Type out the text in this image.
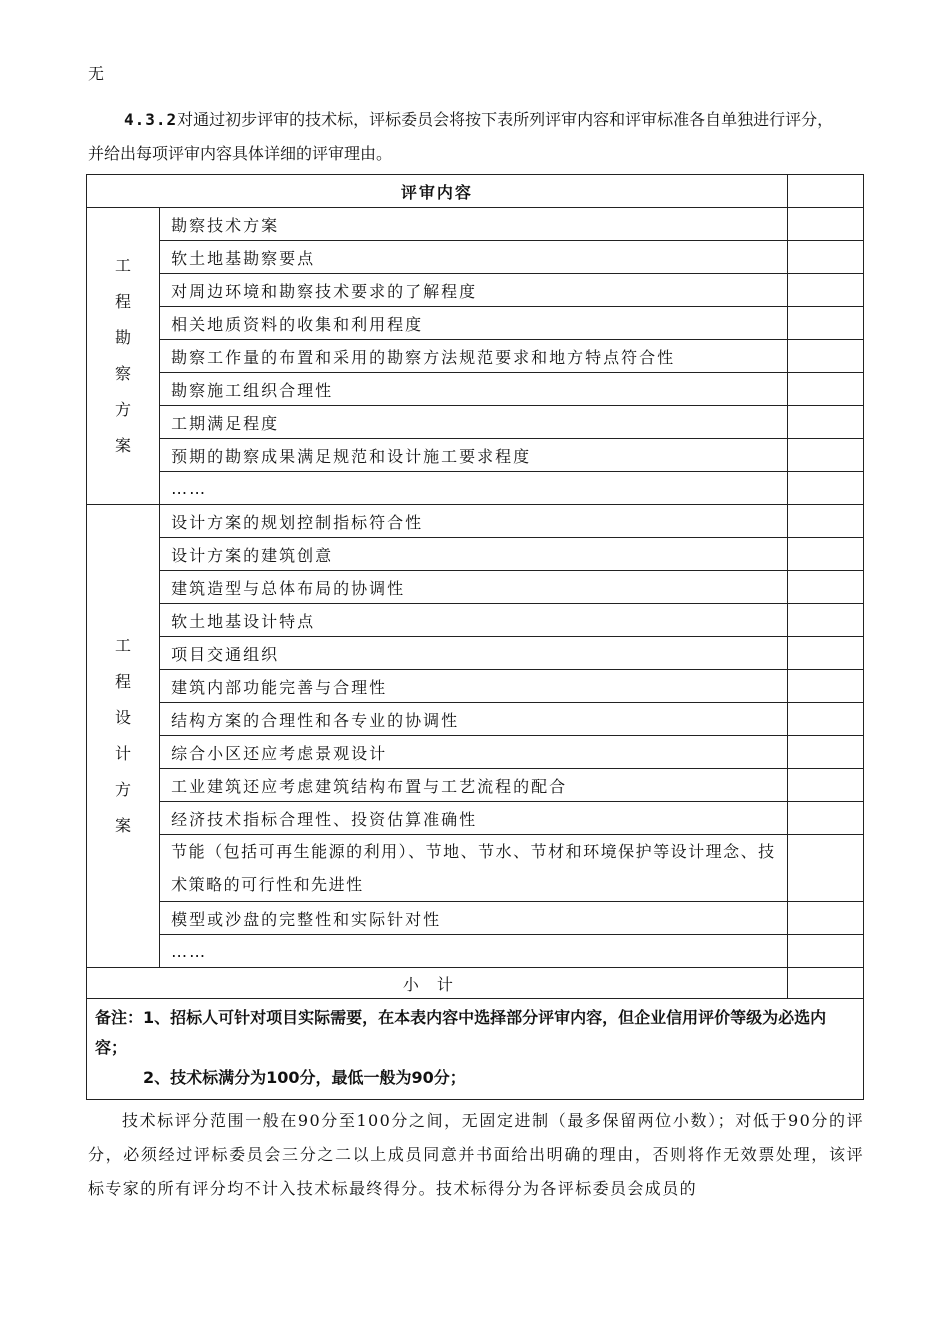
无
4.3.2对通过初步评审的技术标，评标委员会将按下表所列评审内容和评审标准各自单独进行评分，
并给出每项评审内容具体详细的评审理由。
评审内容		
工程勘察方案	勘察技术方案	
	软土地基勘察要点	
	对周边环境和勘察技术要求的了解程度	
	相关地质资料的收集和利用程度	
	勘察工作量的布置和采用的勘察方法规范要求和地方特点符合性	
	勘察施工组织合理性	
	工期满足程度	
	预期的勘察成果满足规范和设计施工要求程度	
	……	
工程设计方案	设计方案的规划控制指标符合性	
	设计方案的建筑创意	
	建筑造型与总体布局的协调性	
	软土地基设计特点	
	项目交通组织	
	建筑内部功能完善与合理性	
	结构方案的合理性和各专业的协调性	
	综合小区还应考虑景观设计	
	工业建筑还应考虑建筑结构布置与工艺流程的配合	
	经济技术指标合理性、投资估算准确性	
	节能（包括可再生能源的利用）、节地、节水、节材和环境保护等设计理念、技术策略的可行性和先进性	
	模型或沙盘的完整性和实际针对性	
	……	
小计		

备注：1、招标人可针对项目实际需要，在本表内容中选择部分评审内容，但企业信用评价等级为必选内容；
2、技术标满分为100分，最低一般为90分；		
技术标评分范围一般在90分至100分之间，无固定进制（最多保留两位小数）；对低于90分的评分，必须经过评标委员会三分之二以上成员同意并书面给出明确的理由，否则将作无效票处理，该评标专家的所有评分均不计入技术标最终得分。技术标得分为各评标委员会成员的
